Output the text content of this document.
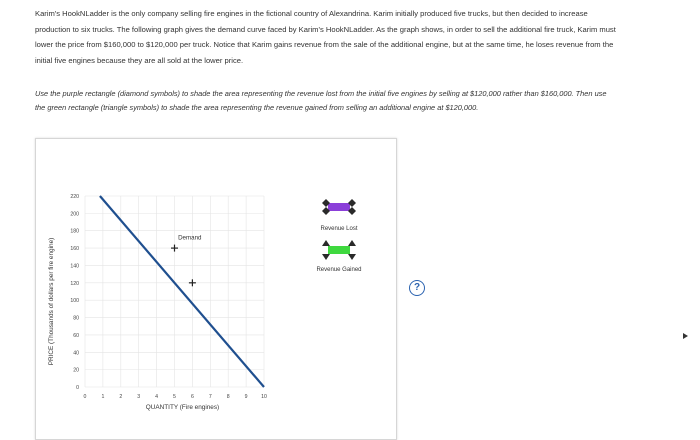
Karim's HookNLadder is the only company selling fire engines in the fictional country of Alexandrina. Karim initially produced five trucks, but then decided to increase production to six trucks. The following graph gives the demand curve faced by Karim's HookNLadder. As the graph shows, in order to sell the additional fire truck, Karim must lower the price from $160,000 to $120,000 per truck. Notice that Karim gains revenue from the sale of the additional engine, but at the same time, he loses revenue from the initial five engines because they are all sold at the lower price.
Use the purple rectangle (diamond symbols) to shade the area representing the revenue lost from the initial five engines by selling at $120,000 rather than $160,000. Then use the green rectangle (triangle symbols) to shade the area representing the revenue gained from selling an additional engine at $120,000.
0	1	2	3	4	5	6	7	8	9	10
0
20
40
60
80
100
120
140
160
180
200
220
QUANTITY (Fire engines)
PRICE (Thousands of dollars per fire engine)	Demand
Revenue Lost
Revenue Gained
?
